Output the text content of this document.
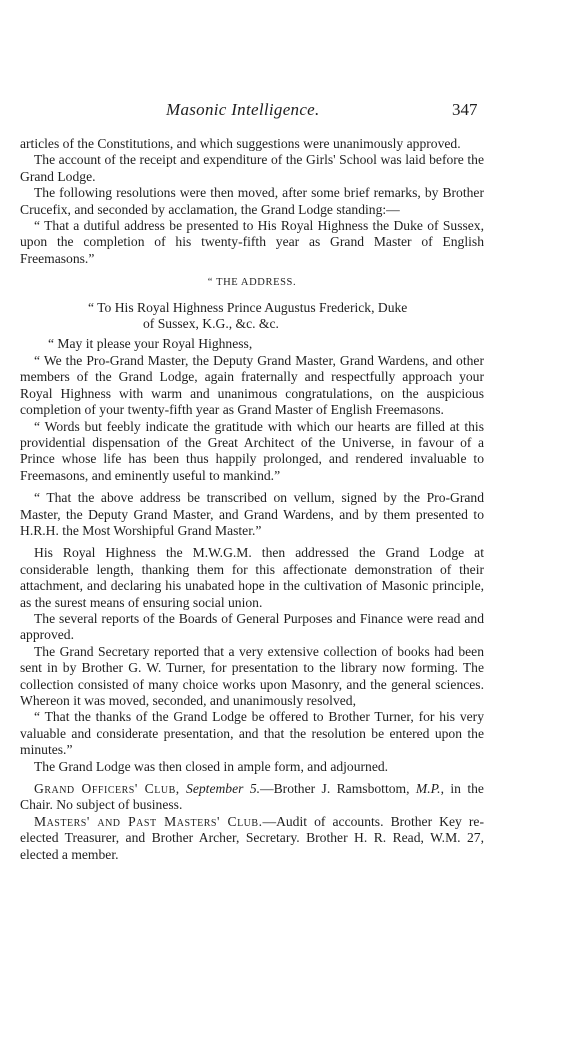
Masonic Intelligence.	347

articles of the Constitutions, and which suggestions were unanimously approved.

The account of the receipt and expenditure of the Girls' School was laid before the Grand Lodge.

The following resolutions were then moved, after some brief remarks, by Brother Crucefix, and seconded by acclamation, the Grand Lodge standing:—

“ That a dutiful address be presented to His Royal Highness the Duke of Sussex, upon the completion of his twenty-fifth year as Grand Master of English Freemasons.”

“ THE ADDRESS.

“ To His Royal Highness Prince Augustus Frederick, Duke
of Sussex, K.G., &c. &c.

“ May it please your Royal Highness,

“ We the Pro-Grand Master, the Deputy Grand Master, Grand Wardens, and other members of the Grand Lodge, again fraternally and respectfully approach your Royal Highness with warm and unanimous congratulations, on the auspicious completion of your twenty-fifth year as Grand Master of English Freemasons.

“ Words but feebly indicate the gratitude with which our hearts are filled at this providential dispensation of the Great Architect of the Universe, in favour of a Prince whose life has been thus happily prolonged, and rendered invaluable to Freemasons, and eminently useful to mankind.”

“ That the above address be transcribed on vellum, signed by the Pro-Grand Master, the Deputy Grand Master, and Grand Wardens, and by them presented to H.R.H. the Most Worshipful Grand Master.”

His Royal Highness the M.W.G.M. then addressed the Grand Lodge at considerable length, thanking them for this affectionate demonstration of their attachment, and declaring his unabated hope in the cultivation of Masonic principle, as the surest means of ensuring social union.

The several reports of the Boards of General Purposes and Finance were read and approved.

The Grand Secretary reported that a very extensive collection of books had been sent in by Brother G. W. Turner, for presentation to the library now forming. The collection consisted of many choice works upon Masonry, and the general sciences. Whereon it was moved, seconded, and unanimously resolved,

“ That the thanks of the Grand Lodge be offered to Brother Turner, for his very valuable and considerate presentation, and that the resolution be entered upon the minutes.”

The Grand Lodge was then closed in ample form, and adjourned.

Grand Officers' Club, September 5.—Brother J. Ramsbottom, M.P., in the Chair. No subject of business.

Masters' and Past Masters' Club.—Audit of accounts. Brother Key re-elected Treasurer, and Brother Archer, Secretary. Brother H. R. Read, W.M. 27, elected a member.
